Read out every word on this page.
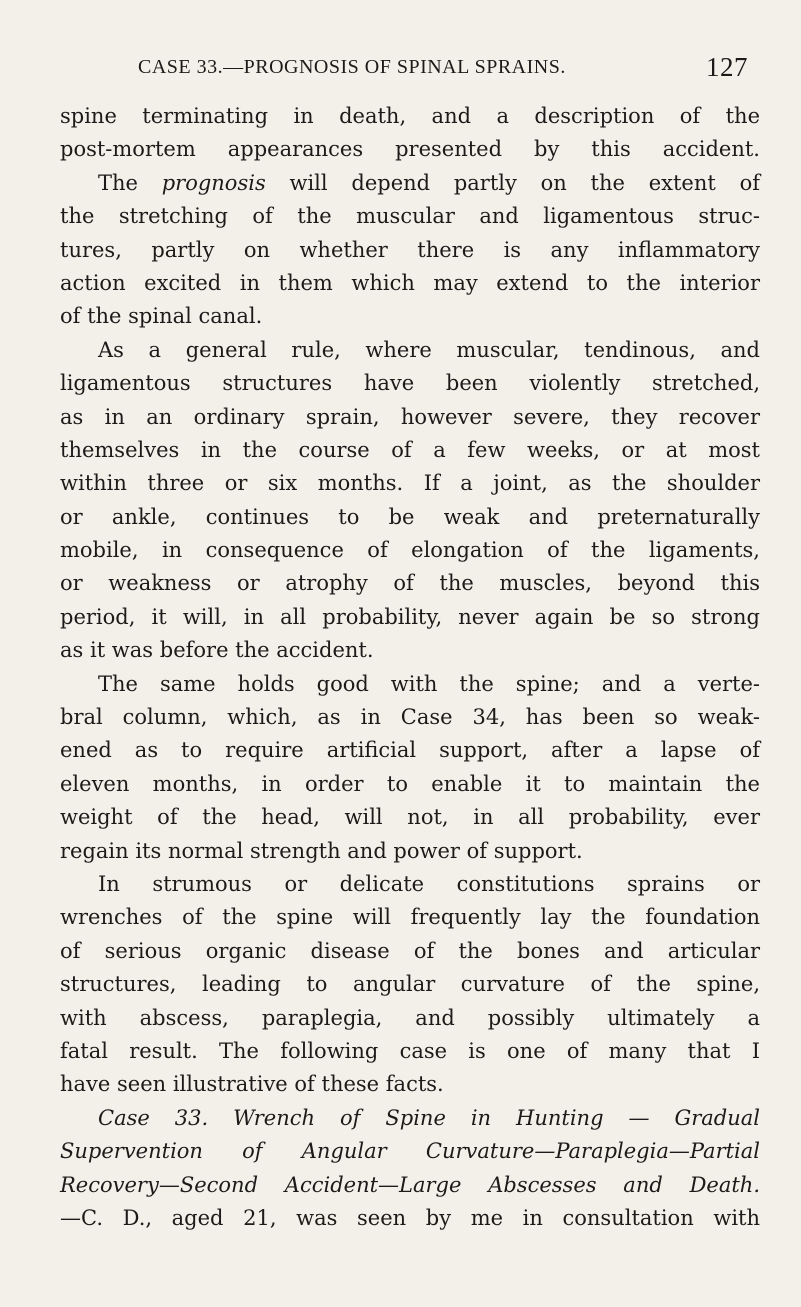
CASE 33.—PROGNOSIS OF SPINAL SPRAINS.	127
spine terminating in death, and a description of the
post-mortem appearances presented by this accident.
The prognosis will depend partly on the extent of
the stretching of the muscular and ligamentous struc-
tures, partly on whether there is any inflammatory
action excited in them which may extend to the interior
of the spinal canal.
As a general rule, where muscular, tendinous, and
ligamentous structures have been violently stretched,
as in an ordinary sprain, however severe, they recover
themselves in the course of a few weeks, or at most
within three or six months. If a joint, as the shoulder
or ankle, continues to be weak and preternaturally
mobile, in consequence of elongation of the ligaments,
or weakness or atrophy of the muscles, beyond this
period, it will, in all probability, never again be so strong
as it was before the accident.
The same holds good with the spine; and a verte-
bral column, which, as in Case 34, has been so weak-
ened as to require artificial support, after a lapse of
eleven months, in order to enable it to maintain the
weight of the head, will not, in all probability, ever
regain its normal strength and power of support.
In strumous or delicate constitutions sprains or
wrenches of the spine will frequently lay the foundation
of serious organic disease of the bones and articular
structures, leading to angular curvature of the spine,
with abscess, paraplegia, and possibly ultimately a
fatal result. The following case is one of many that I
have seen illustrative of these facts.
Case 33. Wrench of Spine in Hunting — Gradual
Supervention of Angular Curvature—Paraplegia—Partial
Recovery—Second Accident—Large Abscesses and Death.
—C. D., aged 21, was seen by me in consultation with
